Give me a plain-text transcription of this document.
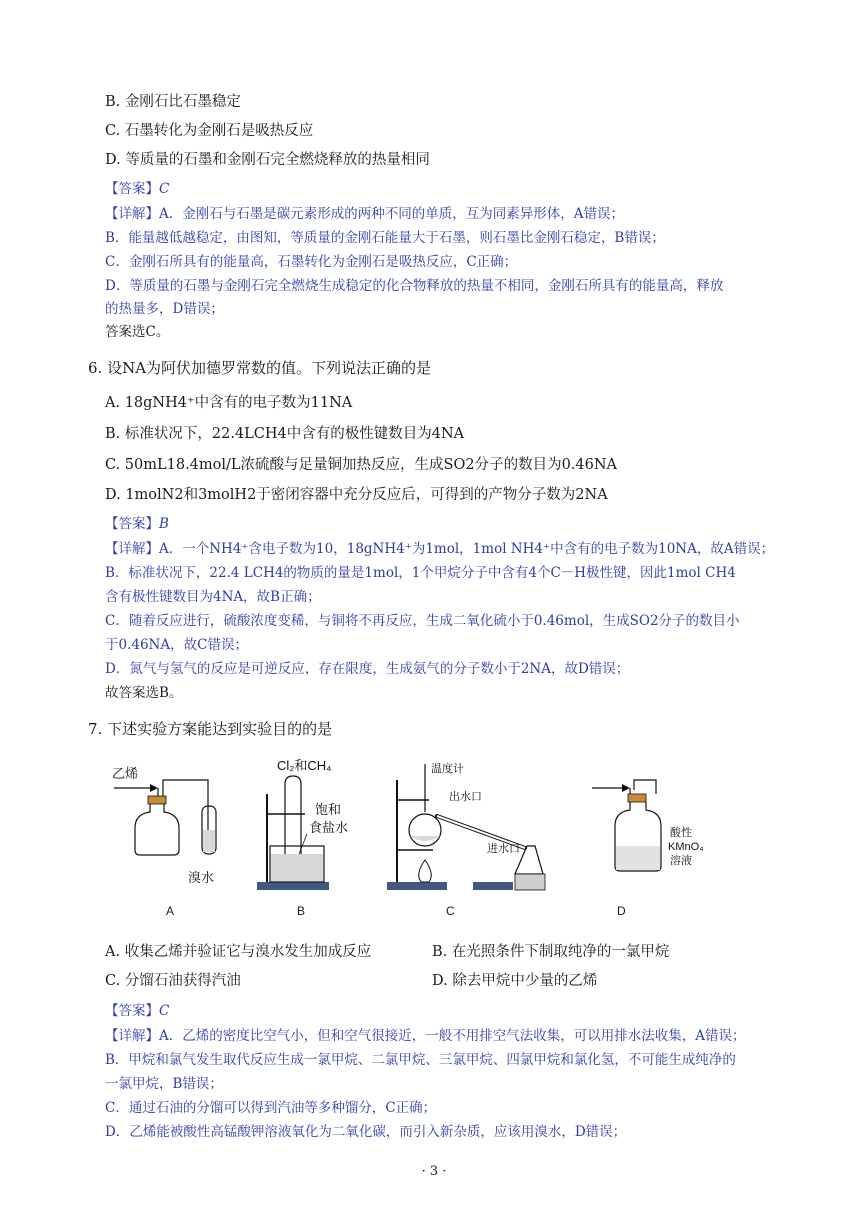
B. 金刚石比石墨稳定
C. 石墨转化为金刚石是吸热反应
D. 等质量的石墨和金刚石完全燃烧释放的热量相同
【答案】C
【详解】A．金刚石与石墨是碳元素形成的两种不同的单质，互为同素异形体，A错误；
B．能量越低越稳定，由图知，等质量的金刚石能量大于石墨，则石墨比金刚石稳定，B错误；
C．金刚石所具有的能量高，石墨转化为金刚石是吸热反应，C正确；
D．等质量的石墨与金刚石完全燃烧生成稳定的化合物释放的热量不相同，金刚石所具有的能量高，释放
的热量多，D错误；
答案选C。
6. 设NA为阿伏加德罗常数的值。下列说法正确的是
A. 18gNH4⁺中含有的电子数为11NA
B. 标准状况下，22.4LCH4中含有的极性键数目为4NA
C. 50mL18.4mol/L浓硫酸与足量铜加热反应，生成SO2分子的数目为0.46NA
D. 1molN2和3molH2于密闭容器中充分反应后，可得到的产物分子数为2NA
【答案】B
【详解】A．一个NH4⁺含电子数为10，18gNH4⁺为1mol，1mol NH4⁺中含有的电子数为10NA，故A错误；
B．标准状况下，22.4 LCH4的物质的量是1mol，1个甲烷分子中含有4个C－H极性键，因此1mol CH4
含有极性键数目为4NA，故B正确；
C．随着反应进行，硫酸浓度变稀，与铜将不再反应，生成二氧化硫小于0.46mol，生成SO2分子的数目小
于0.46NA，故C错误；
D．氮气与氢气的反应是可逆反应，存在限度，生成氨气的分子数小于2NA，故D错误；
故答案选B。
7. 下述实验方案能达到实验目的的是
乙烯
溴水
A
Cl₂和CH₄
饱和
食盐水
B
温度计
出水口
进水口
C
酸性
KMnO₄
溶液
D
A. 收集乙烯并验证它与溴水发生加成反应	B. 在光照条件下制取纯净的一氯甲烷
C. 分馏石油获得汽油	D. 除去甲烷中少量的乙烯
【答案】C
【详解】A．乙烯的密度比空气小，但和空气很接近，一般不用排空气法收集，可以用排水法收集，A错误；
B．甲烷和氯气发生取代反应生成一氯甲烷、二氯甲烷、三氯甲烷、四氯甲烷和氯化氢，不可能生成纯净的
一氯甲烷，B错误；
C．通过石油的分馏可以得到汽油等多种馏分，C正确；
D．乙烯能被酸性高锰酸钾溶液氧化为二氧化碳，而引入新杂质，应该用溴水，D错误；
· 3 ·
